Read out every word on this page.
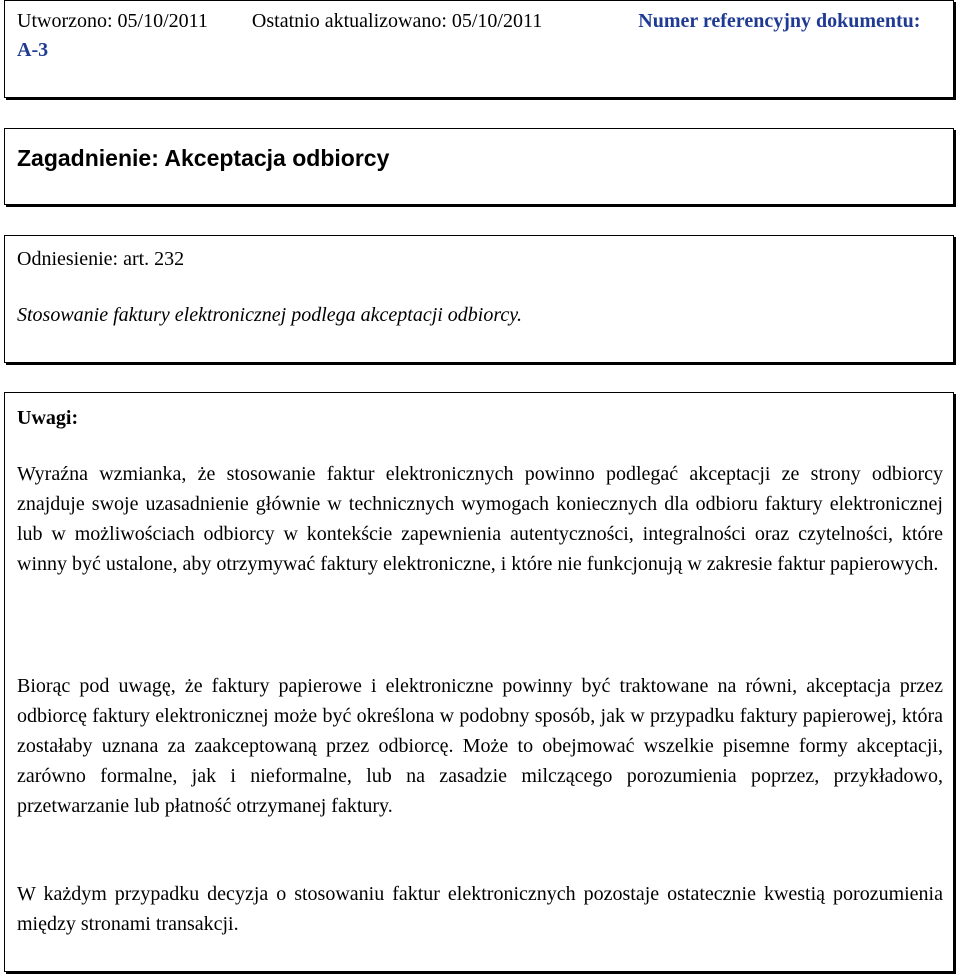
Utworzono: 05/10/2011 Ostatnio aktualizowano: 05/10/2011	Numer referencyjny dokumentu: A-3
Zagadnienie: Akceptacja odbiorcy
Odniesienie: art. 232
Stosowanie faktury elektronicznej podlega akceptacji odbiorcy.
Uwagi:

Wyraźna wzmianka, że stosowanie faktur elektronicznych powinno podlegać akceptacji ze strony odbiorcy znajduje swoje uzasadnienie głównie w technicznych wymogach koniecznych dla odbioru faktury elektronicznej lub w możliwościach odbiorcy w kontekście zapewnienia autentyczności, integralności oraz czytelności, które winny być ustalone, aby otrzymywać faktury elektroniczne, i które nie funkcjonują w zakresie faktur papierowych.

Biorąc pod uwagę, że faktury papierowe i elektroniczne powinny być traktowane na równi, akceptacja przez odbiorcę faktury elektronicznej może być określona w podobny sposób, jak w przypadku faktury papierowej, która zostałaby uznana za zaakceptowaną przez odbiorcę. Może to obejmować wszelkie pisemne formy akceptacji, zarówno formalne, jak i nieformalne, lub na zasadzie milczącego porozumienia poprzez, przykładowo, przetwarzanie lub płatność otrzymanej faktury.

W każdym przypadku decyzja o stosowaniu faktur elektronicznych pozostaje ostatecznie kwestią porozumienia między stronami transakcji.
